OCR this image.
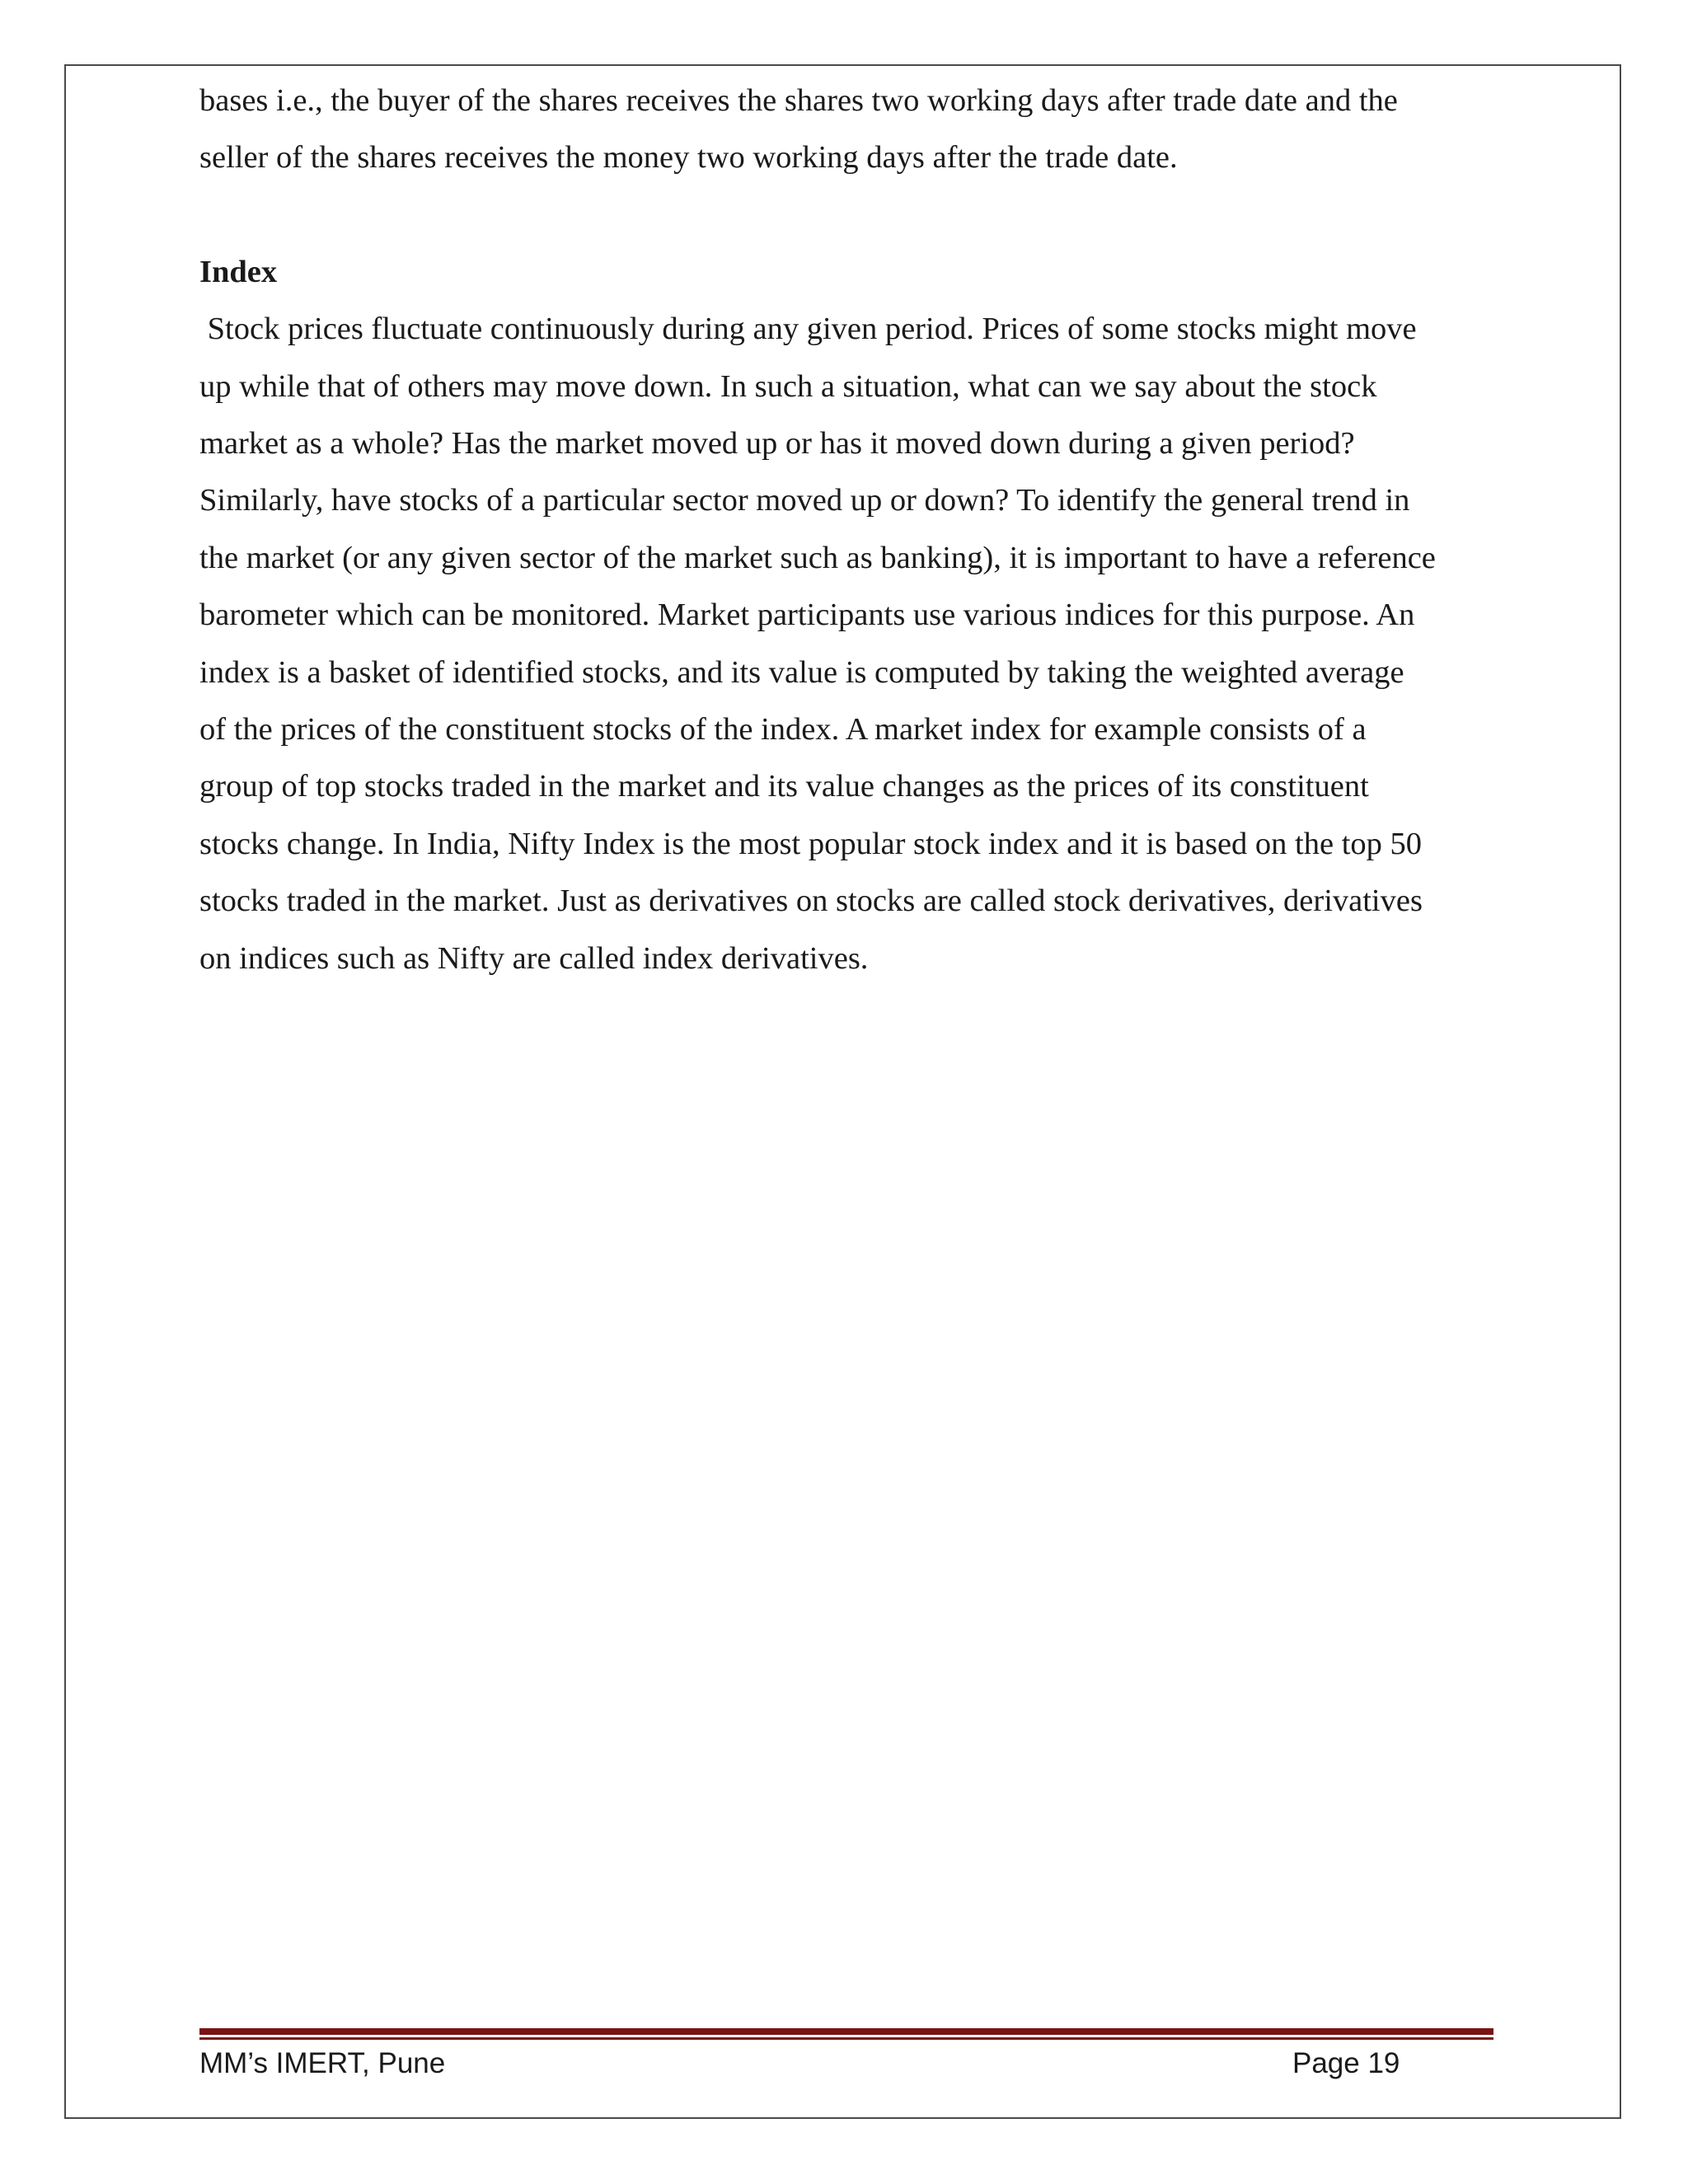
bases i.e., the buyer of the shares receives the shares two working days after trade date and the
seller of the shares receives the money two working days after the trade date.

Index

Stock prices fluctuate continuously during any given period. Prices of some stocks might move
up while that of others may move down. In such a situation, what can we say about the stock
market as a whole? Has the market moved up or has it moved down during a given period?
Similarly, have stocks of a particular sector moved up or down? To identify the general trend in
the market (or any given sector of the market such as banking), it is important to have a reference
barometer which can be monitored. Market participants use various indices for this purpose. An
index is a basket of identified stocks, and its value is computed by taking the weighted average
of the prices of the constituent stocks of the index. A market index for example consists of a
group of top stocks traded in the market and its value changes as the prices of its constituent
stocks change. In India, Nifty Index is the most popular stock index and it is based on the top 50
stocks traded in the market. Just as derivatives on stocks are called stock derivatives, derivatives
on indices such as Nifty are called index derivatives.

MM’s IMERT, Pune	Page 19
